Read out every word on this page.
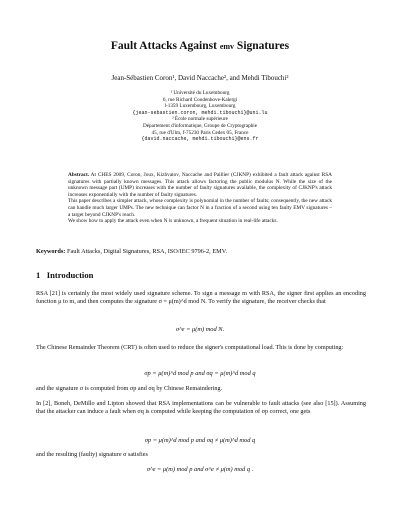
Fault Attacks Against emv Signatures
Jean-Sébastien Coron¹, David Naccache², and Mehdi Tibouchi²
¹ Université du Luxembourg
6, rue Richard Coudenhove-Kalergi
l-1359 Luxembourg, Luxembourg
{jean-sebastien.coron, mehdi.tibouchi}@uni.lu
² École normale supérieure
Département d'informatique, Groupe de Cryptographie
45, rue d'Ulm, f-75230 Paris Cedex 05, France
{david.naccache, mehdi.tibouchi}@ens.fr

Abstract. At CHES 2009, Coron, Joux, Kizhvatov, Naccache and Paillier (CJKNP) exhibited a fault attack against RSA signatures with partially known messages. This attack allows factoring the public modulus N. While the size of the unknown message part (UMP) increases with the number of faulty signatures available, the complexity of CJKNP's attack increases exponentially with the number of faulty signatures.

This paper describes a simpler attack, whose complexity is polynomial in the number of faults; consequently, the new attack can handle much larger UMPs. The new technique can factor N in a fraction of a second using ten faulty EMV signatures – a target beyond CJKNP's reach.

We show how to apply the attack even when N is unknown, a frequent situation in real-life attacks.

Keywords: Fault Attacks, Digital Signatures, RSA, ISO/IEC 9796-2, EMV.
1 Introduction

RSA [21] is certainly the most widely used signature scheme. To sign a message m with RSA, the signer first applies an encoding function μ to m, and then computes the signature σ = μ(m)^d mod N. To verify the signature, the receiver checks that

σ^e = μ(m) mod N.

The Chinese Remainder Theorem (CRT) is often used to reduce the signer's computational load. This is done by computing:

σp = μ(m)^d mod p and σq = μ(m)^d mod q

and the signature σ is computed from σp and σq by Chinese Remaindering.

In [2], Boneh, DeMillo and Lipton showed that RSA implementations can be vulnerable to fault attacks (see also [15]). Assuming that the attacker can induce a fault when σq is computed while keeping the computation of σp correct, one gets

σp = μ(m)^d mod p and σq ≠ μ(m)^d mod q

and the resulting (faulty) signature σ satisfies

σ^e = μ(m) mod p and σ^e ≠ μ(m) mod q .
